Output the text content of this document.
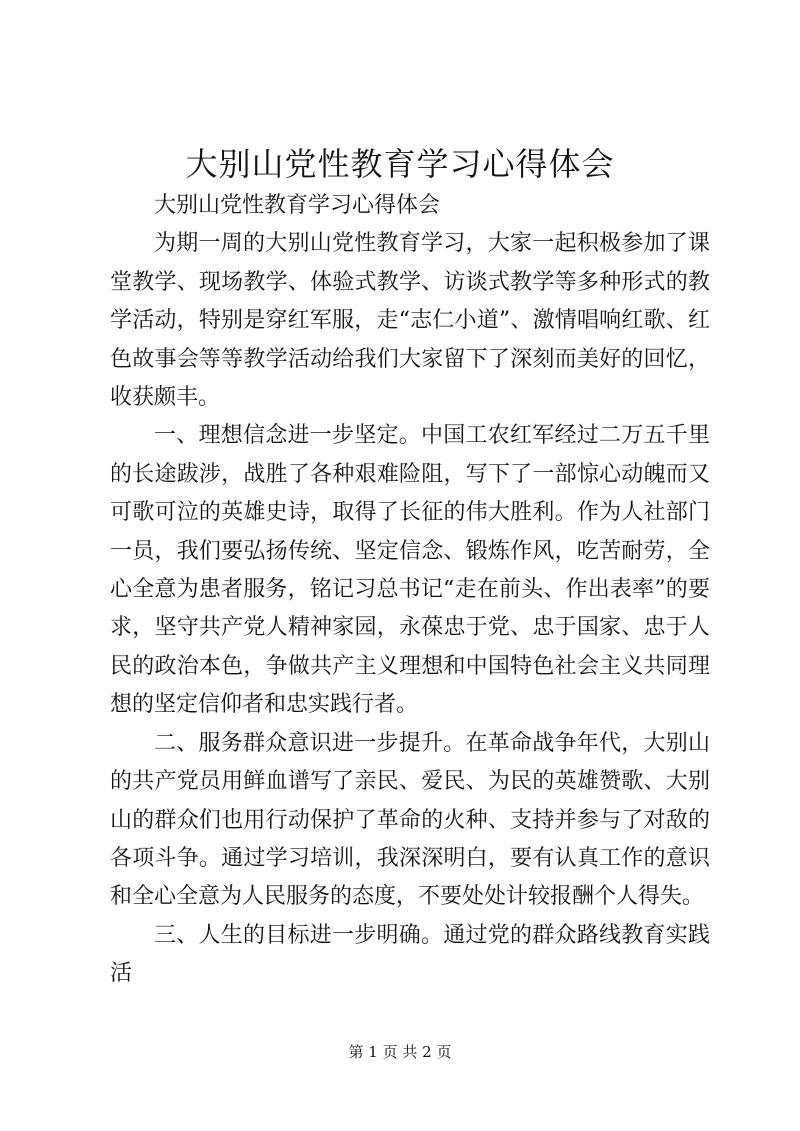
大别山党性教育学习心得体会

大别山党性教育学习心得体会

为期一周的大别山党性教育学习，大家一起积极参加了课堂教学、现场教学、体验式教学、访谈式教学等多种形式的教学活动，特别是穿红军服，走“志仁小道”、激情唱响红歌、红色故事会等等教学活动给我们大家留下了深刻而美好的回忆，收获颇丰。

一、理想信念进一步坚定。中国工农红军经过二万五千里的长途跋涉，战胜了各种艰难险阻，写下了一部惊心动魄而又可歌可泣的英雄史诗，取得了长征的伟大胜利。作为人社部门一员，我们要弘扬传统、坚定信念、锻炼作风，吃苦耐劳，全心全意为患者服务，铭记习总书记“走在前头、作出表率”的要求，坚守共产党人精神家园，永葆忠于党、忠于国家、忠于人民的政治本色，争做共产主义理想和中国特色社会主义共同理想的坚定信仰者和忠实践行者。

二、服务群众意识进一步提升。在革命战争年代，大别山的共产党员用鲜血谱写了亲民、爱民、为民的英雄赞歌、大别山的群众们也用行动保护了革命的火种、支持并参与了对敌的各项斗争。通过学习培训，我深深明白，要有认真工作的意识和全心全意为人民服务的态度，不要处处计较报酬个人得失。

三、人生的目标进一步明确。通过党的群众路线教育实践活

第 1 页 共 2 页
